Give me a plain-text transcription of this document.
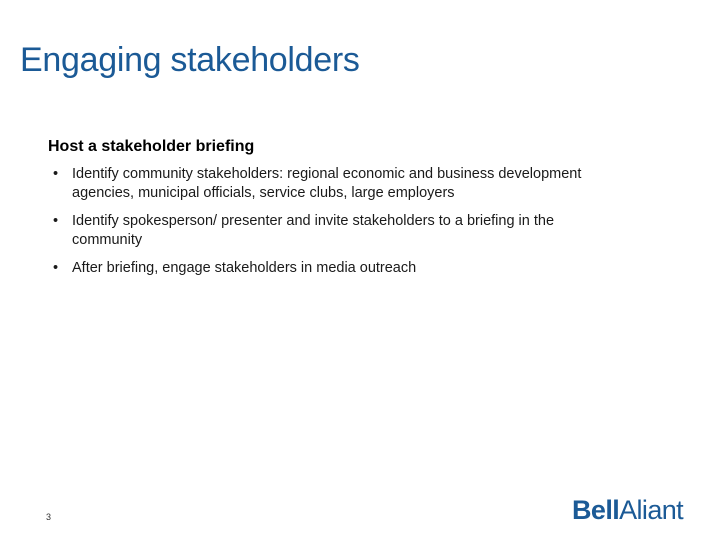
Engaging stakeholders
Host a stakeholder briefing
• Identify community stakeholders: regional economic and business development agencies, municipal officials, service clubs, large employers
• Identify spokesperson/ presenter and invite stakeholders to a briefing in the community
• After briefing, engage stakeholders in media outreach
3	BellAliant
